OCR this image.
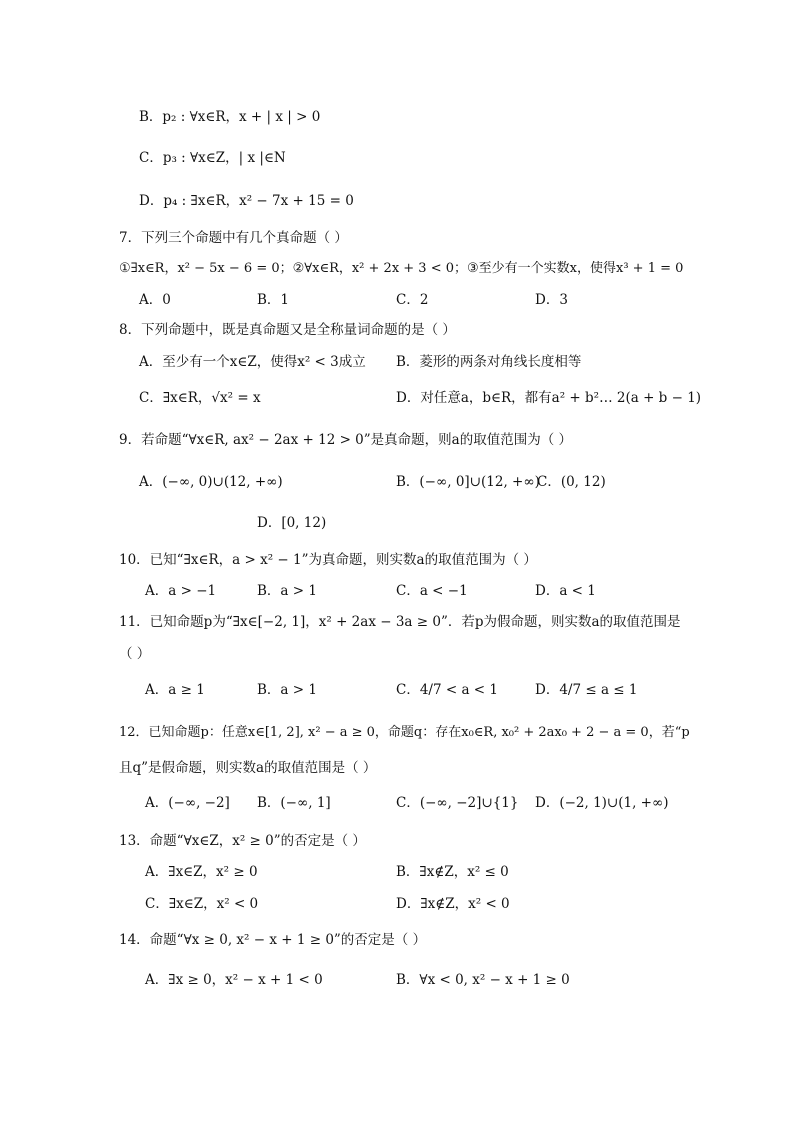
B．p₂ : ∀x∈R，x + | x | > 0
C．p₃ : ∀x∈Z，| x |∈N
D．p₄ : ∃x∈R，x² − 7x + 15 = 0
7．下列三个命题中有几个真命题（ ）
①∃x∈R，x² − 5x − 6 = 0；②∀x∈R，x² + 2x + 3 < 0；③至少有一个实数x，使得x³ + 1 = 0
A．0	B．1	C．2	D．3
8．下列命题中，既是真命题又是全称量词命题的是（ ）
A．至少有一个x∈Z，使得x² < 3成立 B．菱形的两条对角线长度相等
C．∃x∈R，√x² = x	D．对任意a，b∈R，都有a² + b²… 2(a + b − 1)
9．若命题“∀x∈R, ax² − 2ax + 12 > 0”是真命题，则a的取值范围为（ ）
A．(−∞, 0)∪(12, +∞)	B．(−∞, 0]∪(12, +∞)
C．(0, 12)
D．[0, 12)
10．已知“∃x∈R，a > x² − 1”为真命题，则实数a的取值范围为（ ）
A．a > −1	B．a > 1	C．a < −1	D．a < 1
11．已知命题p为“∃x∈[−2, 1]，x² + 2ax − 3a ≥ 0”．若p为假命题，则实数a的取值范围是
（ ）
A．a ≥ 1	B．a > 1	C．4/7 < a < 1	D．4/7 ≤ a ≤ 1
12．已知命题p：任意x∈[1, 2], x² − a ≥ 0，命题q：存在x₀∈R, x₀² + 2ax₀ + 2 − a = 0，若“p
且q”是假命题，则实数a的取值范围是（ ）
A．(−∞, −2] B．(−∞, 1]	C．(−∞, −2]∪{1} D．(−2, 1)∪(1, +∞)
13．命题“∀x∈Z，x² ≥ 0”的否定是（ ）
A．∃x∈Z，x² ≥ 0	B．∃x∉Z，x² ≤ 0
C．∃x∈Z，x² < 0	D．∃x∉Z，x² < 0
14．命题“∀x ≥ 0, x² − x + 1 ≥ 0”的否定是（ ）
A．∃x ≥ 0，x² − x + 1 < 0	B．∀x < 0, x² − x + 1 ≥ 0
